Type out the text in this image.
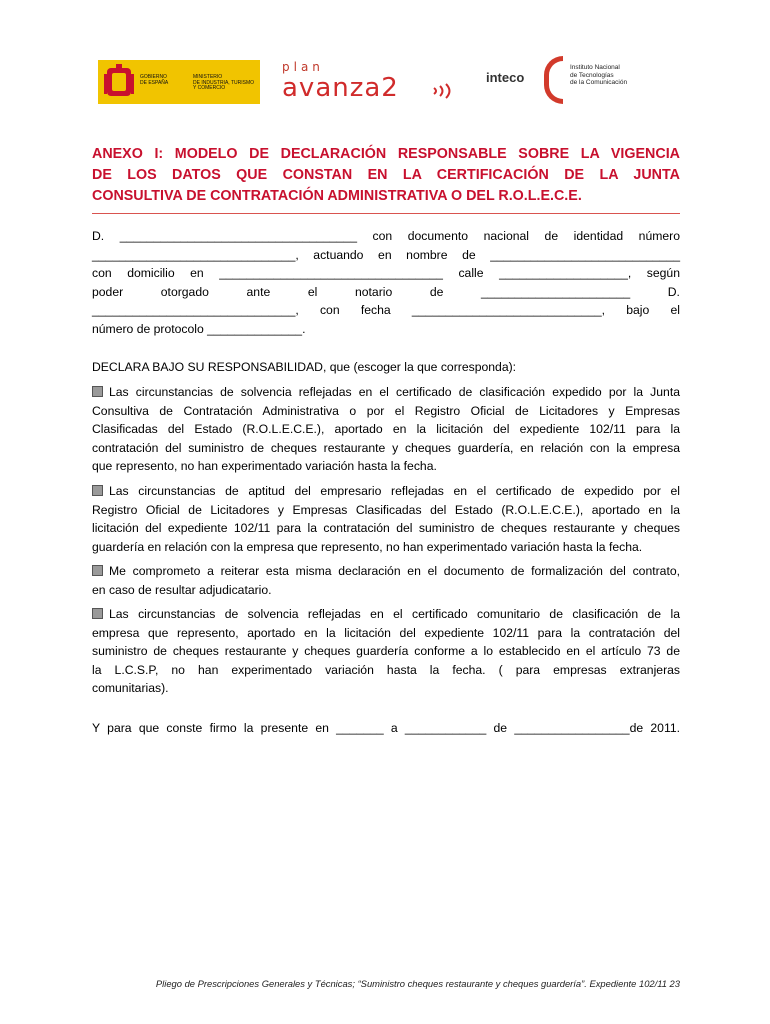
GOBIERNO
DE ESPAÑA
MINISTERIO
DE INDUSTRIA, TURISMO
Y COMERCIO
plan
avanza2	inteco
Instituto Nacional
de Tecnologías
de la Comunicación
ANEXO I: MODELO DE DECLARACIÓN RESPONSABLE SOBRE LA VIGENCIA
DE LOS DATOS QUE CONSTAN EN LA CERTIFICACIÓN DE LA JUNTA
CONSULTIVA DE CONTRATACIÓN ADMINISTRATIVA O DEL R.O.L.E.C.E.
D. ___________________________________ con documento nacional de identidad número
______________________________, actuando en nombre de ____________________________
con domicilio en _________________________________ calle ___________________, según
poder	otorgado	ante	el	notario	de	______________________	D.
______________________________, con fecha ____________________________, bajo el
número de protocolo ______________.
DECLARA BAJO SU RESPONSABILIDAD, que (escoger la que corresponda):
Las circunstancias de solvencia reflejadas en el certificado de clasificación expedido por la Junta
Consultiva de Contratación Administrativa o por el Registro Oficial de Licitadores y Empresas
Clasificadas del Estado (R.O.L.E.C.E.), aportado en la licitación del expediente 102/11 para la
contratación del suministro de cheques restaurante y cheques guardería, en relación con la empresa
que represento, no han experimentado variación hasta la fecha.
Las circunstancias de aptitud del empresario reflejadas en el certificado de expedido por el
Registro Oficial de Licitadores y Empresas Clasificadas del Estado (R.O.L.E.C.E.), aportado en la
licitación del expediente 102/11 para la contratación del suministro de cheques restaurante y cheques
guardería en relación con la empresa que represento, no han experimentado variación hasta la fecha.
Me comprometo a reiterar esta misma declaración en el documento de formalización del contrato,
en caso de resultar adjudicatario.
Las circunstancias de solvencia reflejadas en el certificado comunitario de clasificación de la
empresa que represento, aportado en la licitación del expediente 102/11 para la contratación del
suministro de cheques restaurante y cheques guardería conforme a lo establecido en el artículo 73 de
la L.C.S.P, no han experimentado variación hasta la fecha. ( para empresas extranjeras
comunitarias).
Y para que conste firmo la presente en _______ a ____________ de _________________de 2011.
Pliego de Prescripciones Generales y Técnicas; “Suministro cheques restaurante y cheques guardería”. Expediente 102/11 23
